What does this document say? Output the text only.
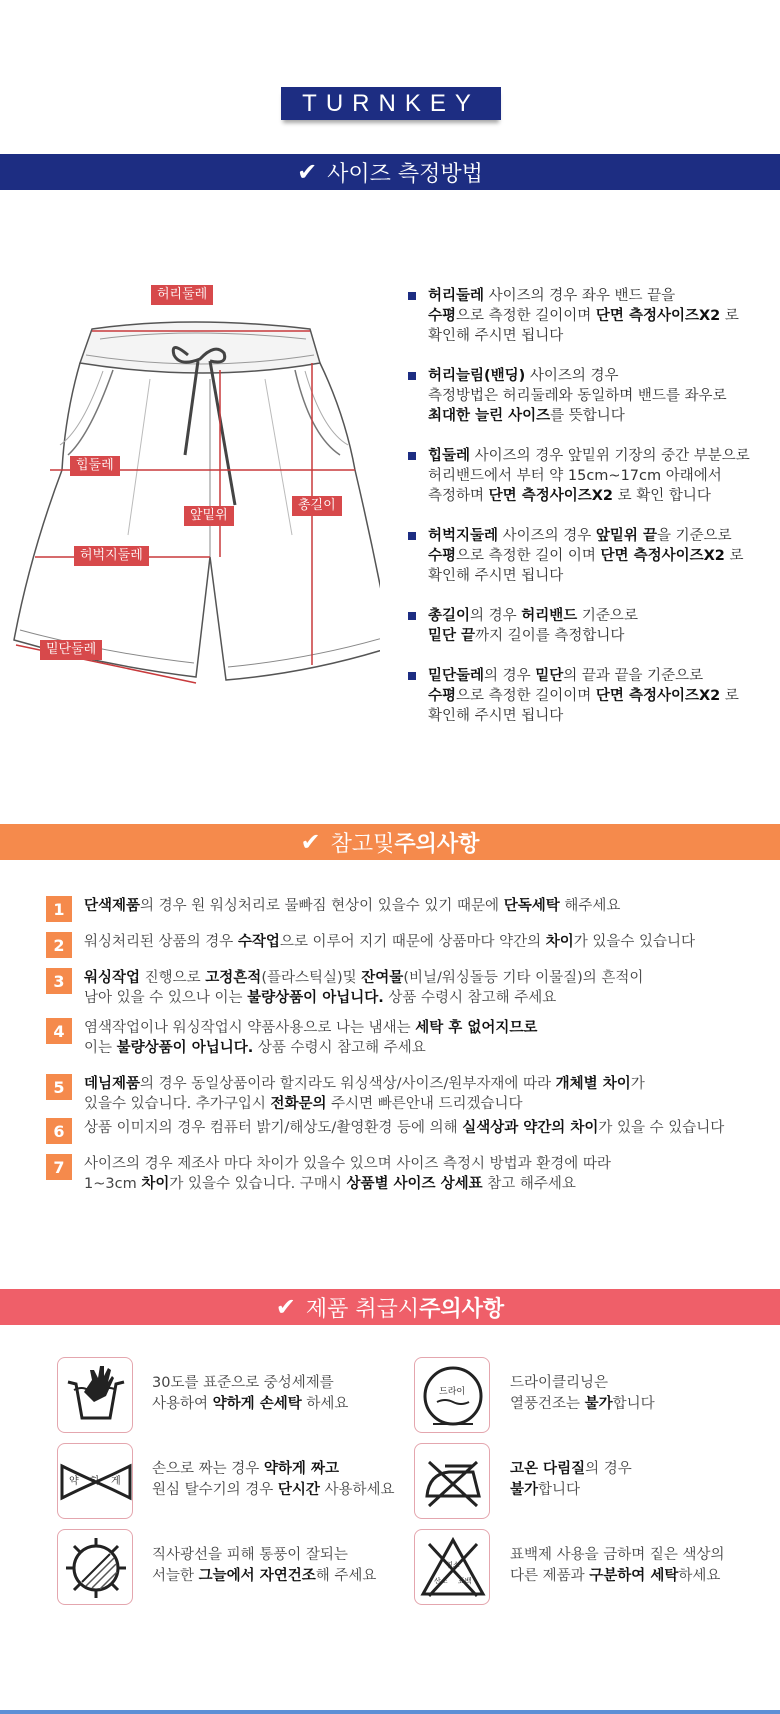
TURNKEY
✔ 사이즈 측정방법
허리둘레
힙둘레
앞밑위
총길이
허벅지둘레
밑단둘레
허리둘레 사이즈의 경우 좌우 밴드 끝을
수평으로 측정한 길이이며 단면 측정사이즈X2 로
확인해 주시면 됩니다
허리늘림(밴딩) 사이즈의 경우
측정방법은 허리둘레와 동일하며 밴드를 좌우로
최대한 늘린 사이즈를 뜻합니다
힙둘레 사이즈의 경우 앞밑위 기장의 중간 부분으로
허리밴드에서 부터 약 15cm~17cm 아래에서
측정하며 단면 측정사이즈X2 로 확인 합니다
허벅지둘레 사이즈의 경우 앞밑위 끝을 기준으로
수평으로 측정한 길이 이며 단면 측정사이즈X2 로
확인해 주시면 됩니다
총길이의 경우 허리밴드 기준으로
밑단 끝까지 길이를 측정합니다
밑단둘레의 경우 밑단의 끝과 끝을 기준으로
수평으로 측정한 길이이며 단면 측정사이즈X2 로
확인해 주시면 됩니다
✔ 참고및 주의사항
1	단색제품의 경우 원 워싱처리로 물빠짐 현상이 있을수 있기 때문에 단독세탁 해주세요
2	워싱처리된 상품의 경우 수작업으로 이루어 지기 때문에 상품마다 약간의 차이가 있을수 있습니다
3	워싱작업 진행으로 고정흔적(플라스틱실)및 잔여물(비닐/워싱돌등 기타 이물질)의 흔적이
남아 있을 수 있으나 이는 불량상품이 아닙니다. 상품 수령시 참고해 주세요
4	염색작업이나 워싱작업시 약품사용으로 나는 냄새는 세탁 후 없어지므로
이는 불량상품이 아닙니다. 상품 수령시 참고해 주세요
5	데님제품의 경우 동일상품이라 할지라도 워싱색상/사이즈/원부자재에 따라 개체별 차이가
있을수 있습니다. 추가구입시 전화문의 주시면 빠른안내 드리겠습니다
6	상품 이미지의 경우 컴퓨터 밝기/해상도/촬영환경 등에 의해 실색상과 약간의 차이가 있을 수 있습니다
7	사이즈의 경우 제조사 마다 차이가 있을수 있으며 사이즈 측정시 방법과 환경에 따라
1~3cm 차이가 있을수 있습니다. 구매시 상품별 사이즈 상세표 참고 해주세요
✔ 제품 취급시 주의사항
30도를 표준으로 중성세제를
사용하여 약하게 손세탁 하세요
드라이
드라이클리닝은
열풍건조는 불가합니다
약 하 게
손으로 짜는 경우 약하게 짜고
원심 탈수기의 경우 단시간 사용하세요
고온 다림질의 경우
불가합니다
직사광선을 피해 통풍이 잘되는
서늘한 그늘에서 자연건조해 주세요
염소
산소 표백
표백제 사용을 금하며 짙은 색상의
다른 제품과 구분하여 세탁하세요
